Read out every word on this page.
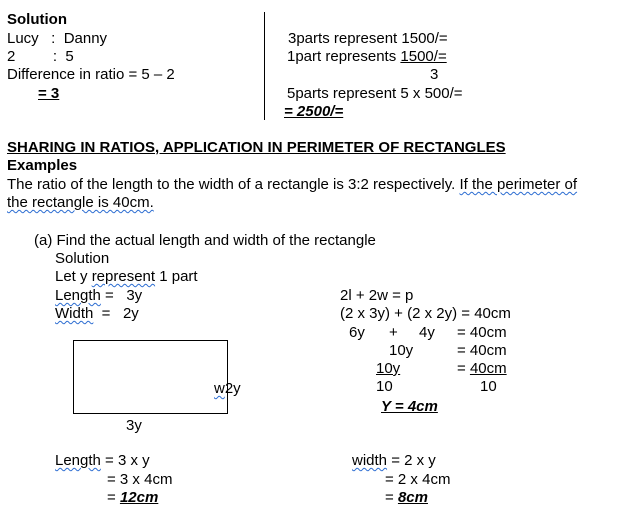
Solution
Lucy   :  Danny
2         :  5
Difference in ratio = 5 – 2
= 3
3parts represent 1500/=
1part represents 1500/=
3
5parts represent 5 x 500/=
= 2500/=
SHARING IN RATIOS, APPLICATION IN PERIMETER OF RECTANGLES
Examples
The ratio of the length to the width of a rectangle is 3:2 respectively. If the perimeter of
the rectangle is 40cm.
(a) Find the actual length and width of the rectangle
Solution
Let y represent 1 part
Length =   3y
Width  =   2y
w2y
3y
2l + 2w = p
(2 x 3y) + (2 x 2y) = 40cm
6y + 4y = 40cm
10y	= 40cm
10y	= 40cm
10	10
Y = 4cm
Length = 3 x y
= 3 x 4cm
= 12cm
width = 2 x y
= 2 x 4cm
= 8cm
